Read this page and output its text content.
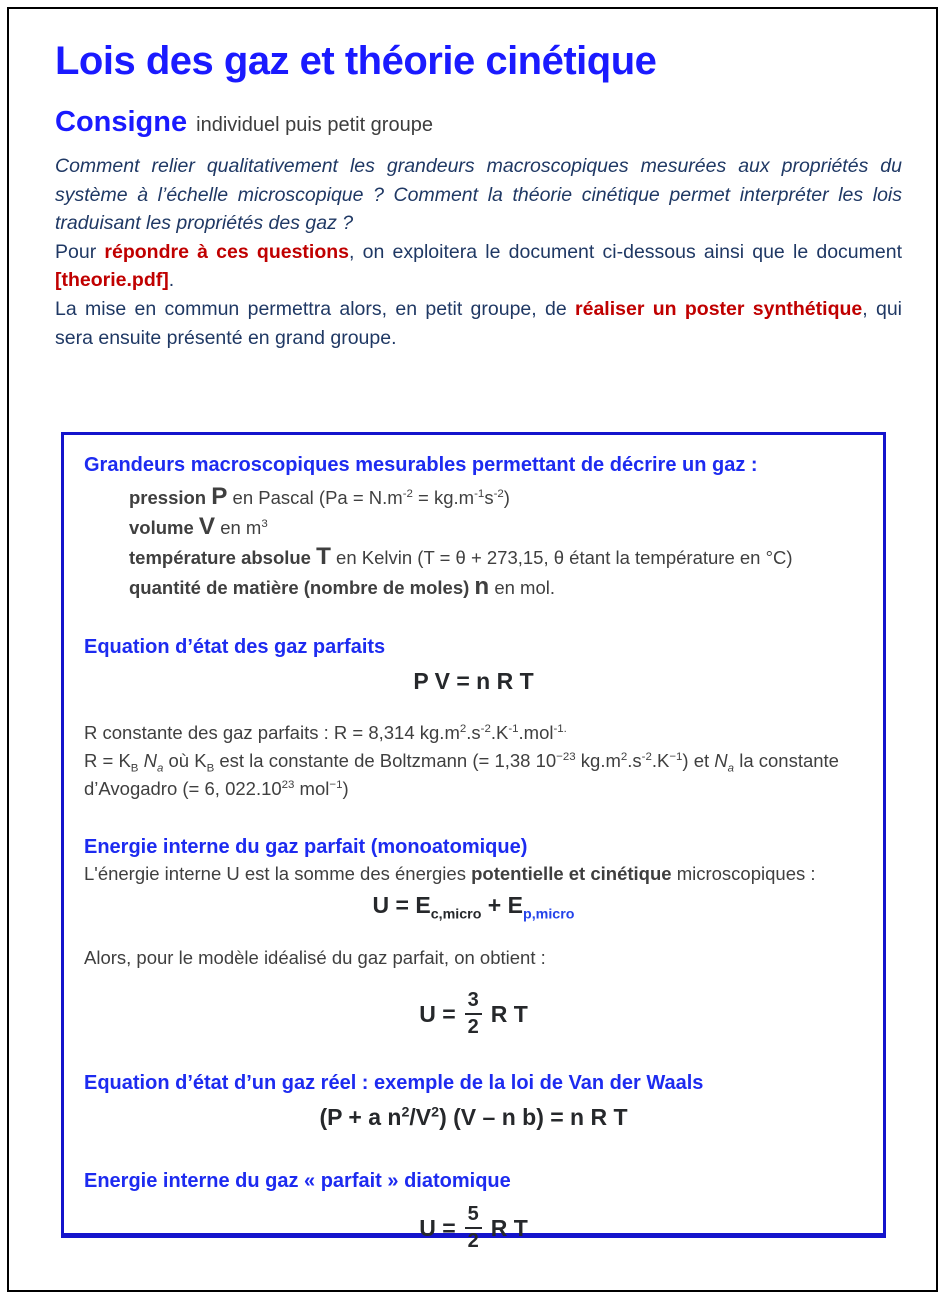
Lois des gaz et théorie cinétique
Consigne individuel puis petit groupe

Comment relier qualitativement les grandeurs macroscopiques mesurées aux propriétés du système à l’échelle microscopique ? Comment la théorie cinétique permet interpréter les lois traduisant les propriétés des gaz ?

Pour répondre à ces questions, on exploitera le document ci-dessous ainsi que le document [theorie.pdf].

La mise en commun permettra alors, en petit groupe, de réaliser un poster synthétique, qui sera ensuite présenté en grand groupe.

Grandeurs macroscopiques mesurables permettant de décrire un gaz :

pression P en Pascal $(Pa = N.m^{-2} = kg.m^{-1}s^{-2})$

volume V en $m^3$

température absolue T en Kelvin (T = θ + 273,15, θ étant la température en °C)

quantité de matière (nombre de moles) n en mol.

Equation d’état des gaz parfaits

P V = n R T

R constante des gaz parfaits : R = 8,314 $kg.m^2.s^{-2}.K^{-1}.mol^{-1.}$

$R = K_B$ $N_a$ où $K_B$ est la constante de Boltzmann (= 1,38 $10^{-23}$ $kg.m^2.s^{-2}.K^{-1}$) et $N_a$ la constante

d’Avogadro (= 6, 022.10$^{23}$ mol$^{-1}$)

Energie interne du gaz parfait (monoatomique)

L'énergie interne U est la somme des énergies potentielle et cinétique microscopiques :

$U = E_{c,micro} + E_{p,micro}$

Alors, pour le modèle idéalisé du gaz parfait, on obtient :

$U = \frac{3}{2}$ R T
Equation d’état d’un gaz réel : exemple de la loi de Van der Waals

(P + a $n^2/V^2$) (V – n b) = n R T

Energie interne du gaz « parfait » diatomique
$U = \frac{5}{2}$ R T
